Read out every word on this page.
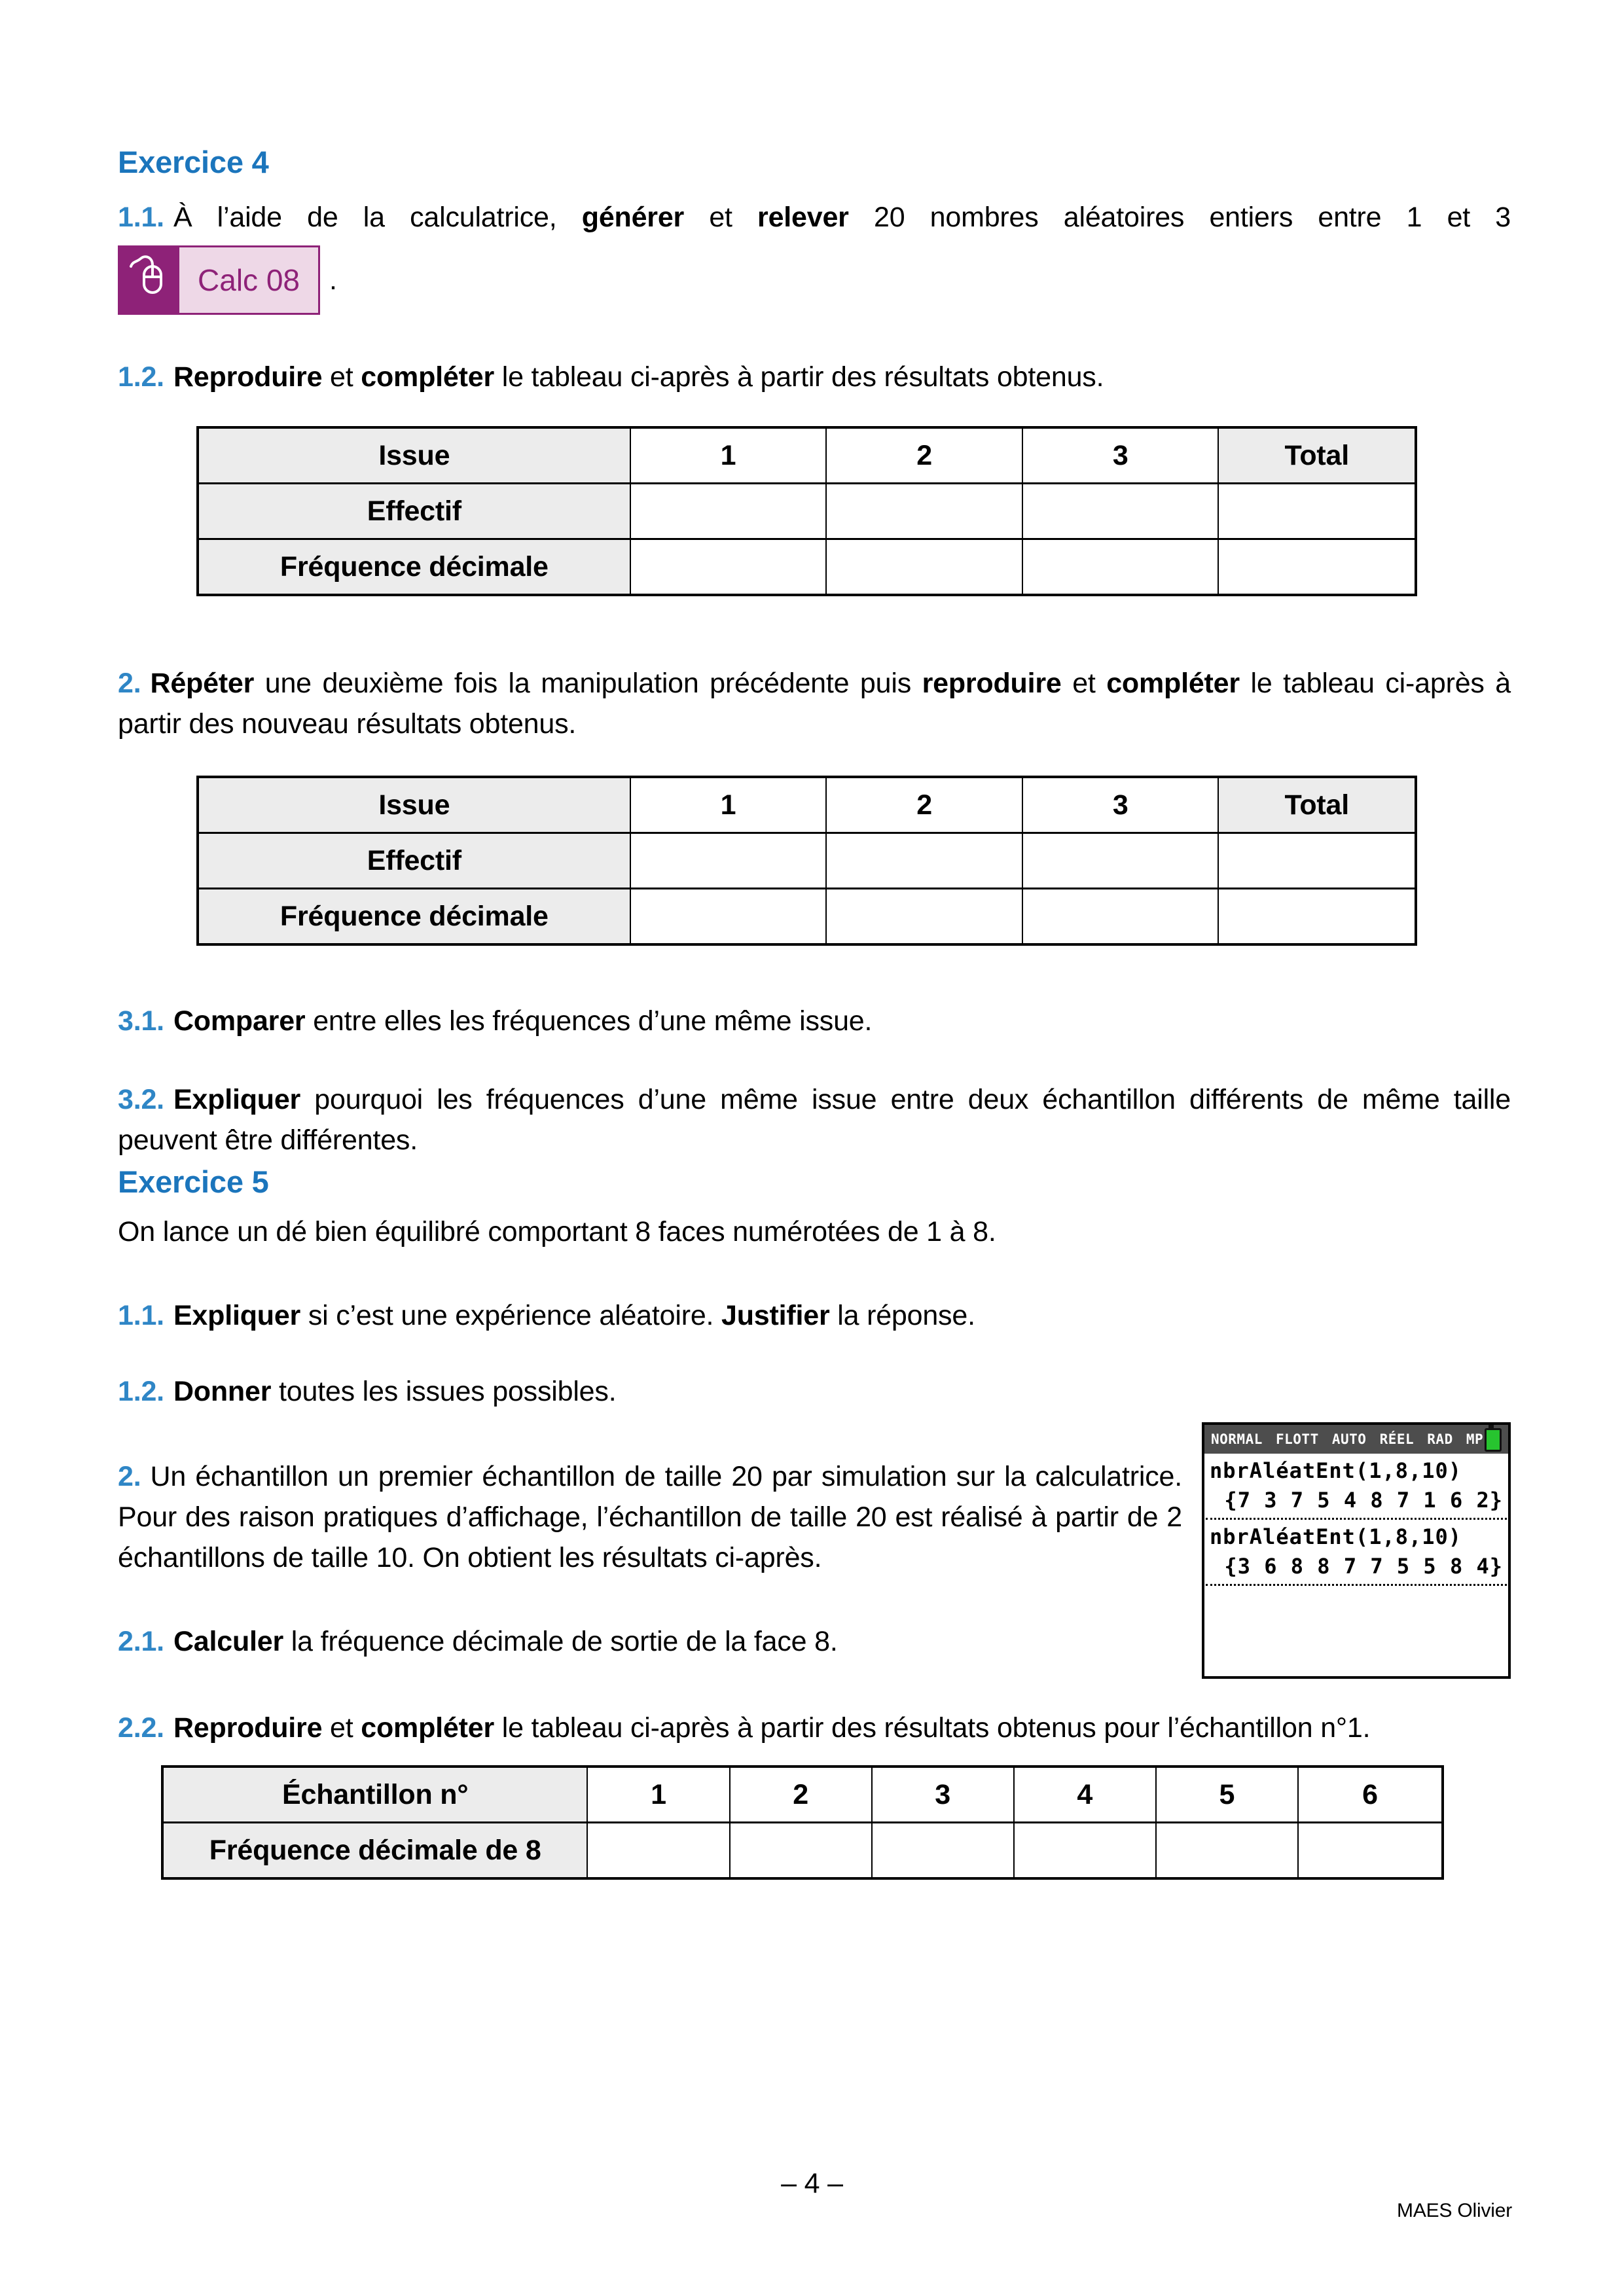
Exercice 4

1.1. À l’aide de la calculatrice, générer et relever 20 nombres aléatoires entiers entre 1 et 3

Calc 08	.

1.2. Reproduire et compléter le tableau ci-après à partir des résultats obtenus.

Issue	1	2	3	Total
Effectif				
Fréquence décimale				

2. Répéter une deuxième fois la manipulation précédente puis reproduire et compléter le tableau ci-après à partir des nouveau résultats obtenus.

Issue	1	2	3	Total
Effectif				
Fréquence décimale				

3.1. Comparer entre elles les fréquences d’une même issue.

3.2. Expliquer pourquoi les fréquences d’une même issue entre deux échantillon différents de même taille peuvent être différentes.

Exercice 5

On lance un dé bien équilibré comportant 8 faces numérotées de 1 à 8.

1.1. Expliquer si c’est une expérience aléatoire. Justifier la réponse.

1.2. Donner toutes les issues possibles.

NORMAL FLOTT AUTO RÉEL RAD MP
nbrAléatEnt(1,8,10)
{7 3 7 5 4 8 7 1 6 2}
nbrAléatEnt(1,8,10)
{3 6 8 8 7 7 5 5 8 4}

2. Un échantillon un premier échantillon de taille 20 par simulation sur la calculatrice. Pour des raison pratiques d’affichage, l’échantillon de taille 20 est réalisé à partir de 2 échantillons de taille 10. On obtient les résultats ci-après.

2.1. Calculer la fréquence décimale de sortie de la face 8.

2.2. Reproduire et compléter le tableau ci-après à partir des résultats obtenus pour l’échantillon n°1.

Échantillon n°	1	2	3	4	5	6
Fréquence décimale de 8						
– 4 –
MAES Olivier
